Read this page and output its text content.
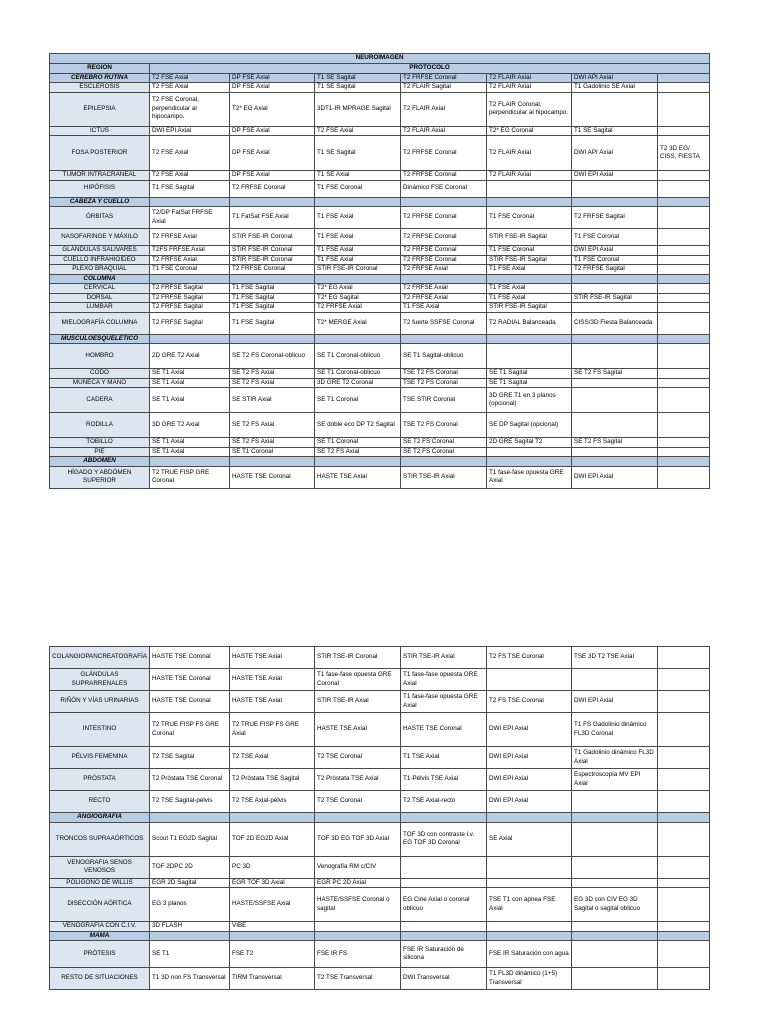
NEUROIMAGEN							
REGIÓN	PROTOCOLO						
CEREBRO RUTINA	T2 FSE Axial	DP FSE Axial	T1 SE Sagital	T2 FRFSE Coronal	T2 FLAIR Axial	DWI API Axial	
ESCLEROSIS	T2 FSE Axial	DP FSE Axial	T1 SE Sagital	T2 FLAIR Sagital	T2 FLAIR Axial	T1 Gadolinio SE Axial	
EPILEPSIA	T2 FSE Coronal, perpendicular al hipocampo.	T2* EG Axial	3DT1-IR MPRAGE Sagital	T2 FLAIR Axial	T2 FLAIR Coronal, perpendicular al hipocampo.		
ICTUS	DWI EPI Axial	DP FSE Axial	T2 FSE Axial	T2 FLAIR Axial	T2* EG Coronal	T1 SE Sagital	
FOSA POSTERIOR	T2 FSE Axial	DP FSE Axial	T1 SE Sagital	T2 FRFSE Coronal	T2 FLAIR Axial	DWI API Axial	T2 3D EG/ CISS, FIESTA
TUMOR INTRACRANEAL	T2 FSE Axial	DP FSE Axial	T1 SE Axial	T2 FRFSE Coronal	T2 FLAIR Axial	DWI EPI Axial	
HIPÓFISIS	T1 FSE Sagital	T2 FRFSE Coronal	T1 FSE Coronal	Dinámico FSE Coronal			
CABEZA Y CUELLO							
ÓRBITAS	T2/DP FatSat FRFSE Axial	T1 FatSat FSE Axial	T1 FSE Axial	T2 FRFSE Coronal	T1 FSE Coronal	T2 FRFSE Sagital	
NASOFARINGE Y MÁXILO	T2 FRFSE Axial	STIR FSE-IR Coronal	T1 FSE Axial	T2 FRFSE Coronal	STIR FSE-IR Sagital	T1 FSE Coronal	
GLÁNDULAS SALIVARES	T2FS FRFSE Axial	STIR FSE-IR Coronal	T1 FSE Axial	T2 FRFSE Coronal	T1 FSE Coronal	DWI EPI Axial	
CUELLO INFRAHIOIDEO	T2 FRFSE Axial	STIR FSE-IR Coronal	T1 FSE Axial	T2 FRFSE Coronal	STIR FSE-IR Sagital	T1 FSE Coronal	
PLEXO BRAQUIAL	T1 FSE Coronal	T2 FRFSE Coronal	STIR FSE-IR Coronal	T2 FRFSE Axial	T1 FSE Axial	T2 FRFSE Sagital	
COLUMNA							
CERVICAL	T2 FRFSE Sagital	T1 FSE Sagital	T2* EG Axial	T2 FRFSE Axial	T1 FSE Axial		
DORSAL	T2 FRFSE Sagital	T1 FSE Sagital	T2* EG Sagital	T2 FRFSE Axial	T1 FSE Axial	STIR FSE-IR Sagital	
LUMBAR	T2 FRFSE Sagital	T1 FSE Sagital	T2 FRFSE Axial	T1 FSE Axial	STIR FSE-IR Sagital		
MIELOGRAFÍA COLUMNA	T2 FRFSE Sagital	T1 FSE Sagital	T2* MERGE Axial	T2 fuerte SSFSE Coronal	T2 RADIAL Balanceada	CISS/3D Fiesta Balanceada	
MUSCULOESQUELÉTICO							
HOMBRO	2D GRE T2 Axial	SE T2 FS Coronal-oblicuo	SE T1 Coronal-oblicuo	SE T1 Sagital-oblicuo			
CODO	SE T1 Axial	SE T2 FS Axial	SE T1 Coronal-oblicuo	TSE T2 FS Coronal	SE T1 Sagital	SE T2 FS Sagital	
MUÑECA Y MANO	SE T1 Axial	SE T2 FS Axial	3D GRE T2 Coronal	TSE T2 FS Coronal	SE T1 Sagital		
CADERA	SE T1 Axial	SE STIR Axial	SE T1 Coronal	TSE STIR Coronal	3D GRE T1 en 3 planos (opcional)		
RODILLA	3D GRE T2 Axial	SE T2 FS Axial	SE doble eco DP T2 Sagital	TSE T2 FS Coronal	SE DP Sagital (opcional)		
TOBILLO	SE T1 Axial	SE T2 FS Axial	SE T1 Coronal	SE T2 FS Coronal	2D GRE Sagital T2	SE T2 FS Sagital	
PIE	SE T1 Axial	SE T1 Coronal	SE T2 FS Axial	SE T2 FS Coronal			
ABDÓMEN							
HÍGADO Y ABDÓMEN SUPERIOR	T2 TRUE FISP GRE Coronal	HASTE TSE Coronal	HASTE TSE Axial	STIR TSE-IR Axial	T1 fase-fase opuesta GRE Axial	DWI EPI Axial	
COLANGIOPANCREATOGRAFÍA	HASTE TSE Coronal	HASTE TSE Axial	STIR TSE-IR Coronal	STIR TSE-IR Axial	T2 FS TSE Coronal	TSE 3D T2 TSE Axial	
GLÁNDULAS SUPRARRENALES	HASTE TSE Coronal	HASTE TSE Axial	T1 fase-fase opuesta GRE Coronal	T1 fase-fase opuesta GRE Axial			
RIÑÓN Y VÍAS URINARIAS	HASTE TSE Coronal	HASTE TSE Axial	STIR TSE-IR Axial	T1 fase-fase opuesta GRE Axial	T2 FS TSE Coronal	DWI EPI Axial	
INTESTINO	T2 TRUE FISP FS GRE Coronal	T2 TRUE FISP FS GRE Axial	HASTE TSE Axial	HASTE TSE Coronal	DWI EPI Axial	T1 FS Gadolinio dinámico FL3D Coronal	
PÉLVIS FEMENINA	T2 TSE Sagital	T2 TSE Axial	T2 TSE Coronal	T1 TSE Axial	DWI EPI Axial	T1 Gadolinio dinámico FL3D Axial	
PRÓSTATA	T2 Próstata TSE Coronal	T2 Próstata TSE Sagital	T2 Próstata TSE Axial	T1-Pélvis TSE Axial	DWI EPI Axial	Espectroscopía MV EPI Axial	
RECTO	T2 TSE Sagital-pélvis	T2 TSE Axial-pélvis	T2 TSE Coronal	T2 TSE Axial-recto	DWI EPI Axial		
ANGIOGRAFÍA							
TRONCOS SUPRAAÓRTICOS	Scout T1 EG2D Sagital	TOF 2D EG2D Axial	TOF 3D EG TOF 3D Axial	TOF 3D con contraste i.v. EG TOF 3D Coronal	SE Axial		
VENOGRAFIA SENOS VENOSOS	TOF 2DPC 2D	PC 3D	Venografía RM c/CIV				
POLÍGONO DE WILLIS	EGR 2D Sagital	EGR TOF 3D Axial	EGR PC 2D Axial				
DISECCIÓN AÓRTICA	EG 3 planos	HASTE/SSFSE Axial	HASTE/SSFSE Coronal o sagital	EG Cine Axial o coronal oblicuo	TSE T1 con apnea FSE Axial	EG 3D con CIV EG 3D Sagital o sagital oblicuo	
VENOGRAFÍA CON C.I.V.	3D FLASH	VIBE					
MAMA							
PRÓTESIS	SE T1	FSE T2	FSE IR FS	FSE IR Saturación de silicona	FSE IR Saturación con agua		
RESTO DE SITUACIONES	T1 3D non FS Transversal	TIRM Transversal	T2 TSE Transversal	DWI Transversal	T1 FL3D dinámico (1+5) Transversal		
